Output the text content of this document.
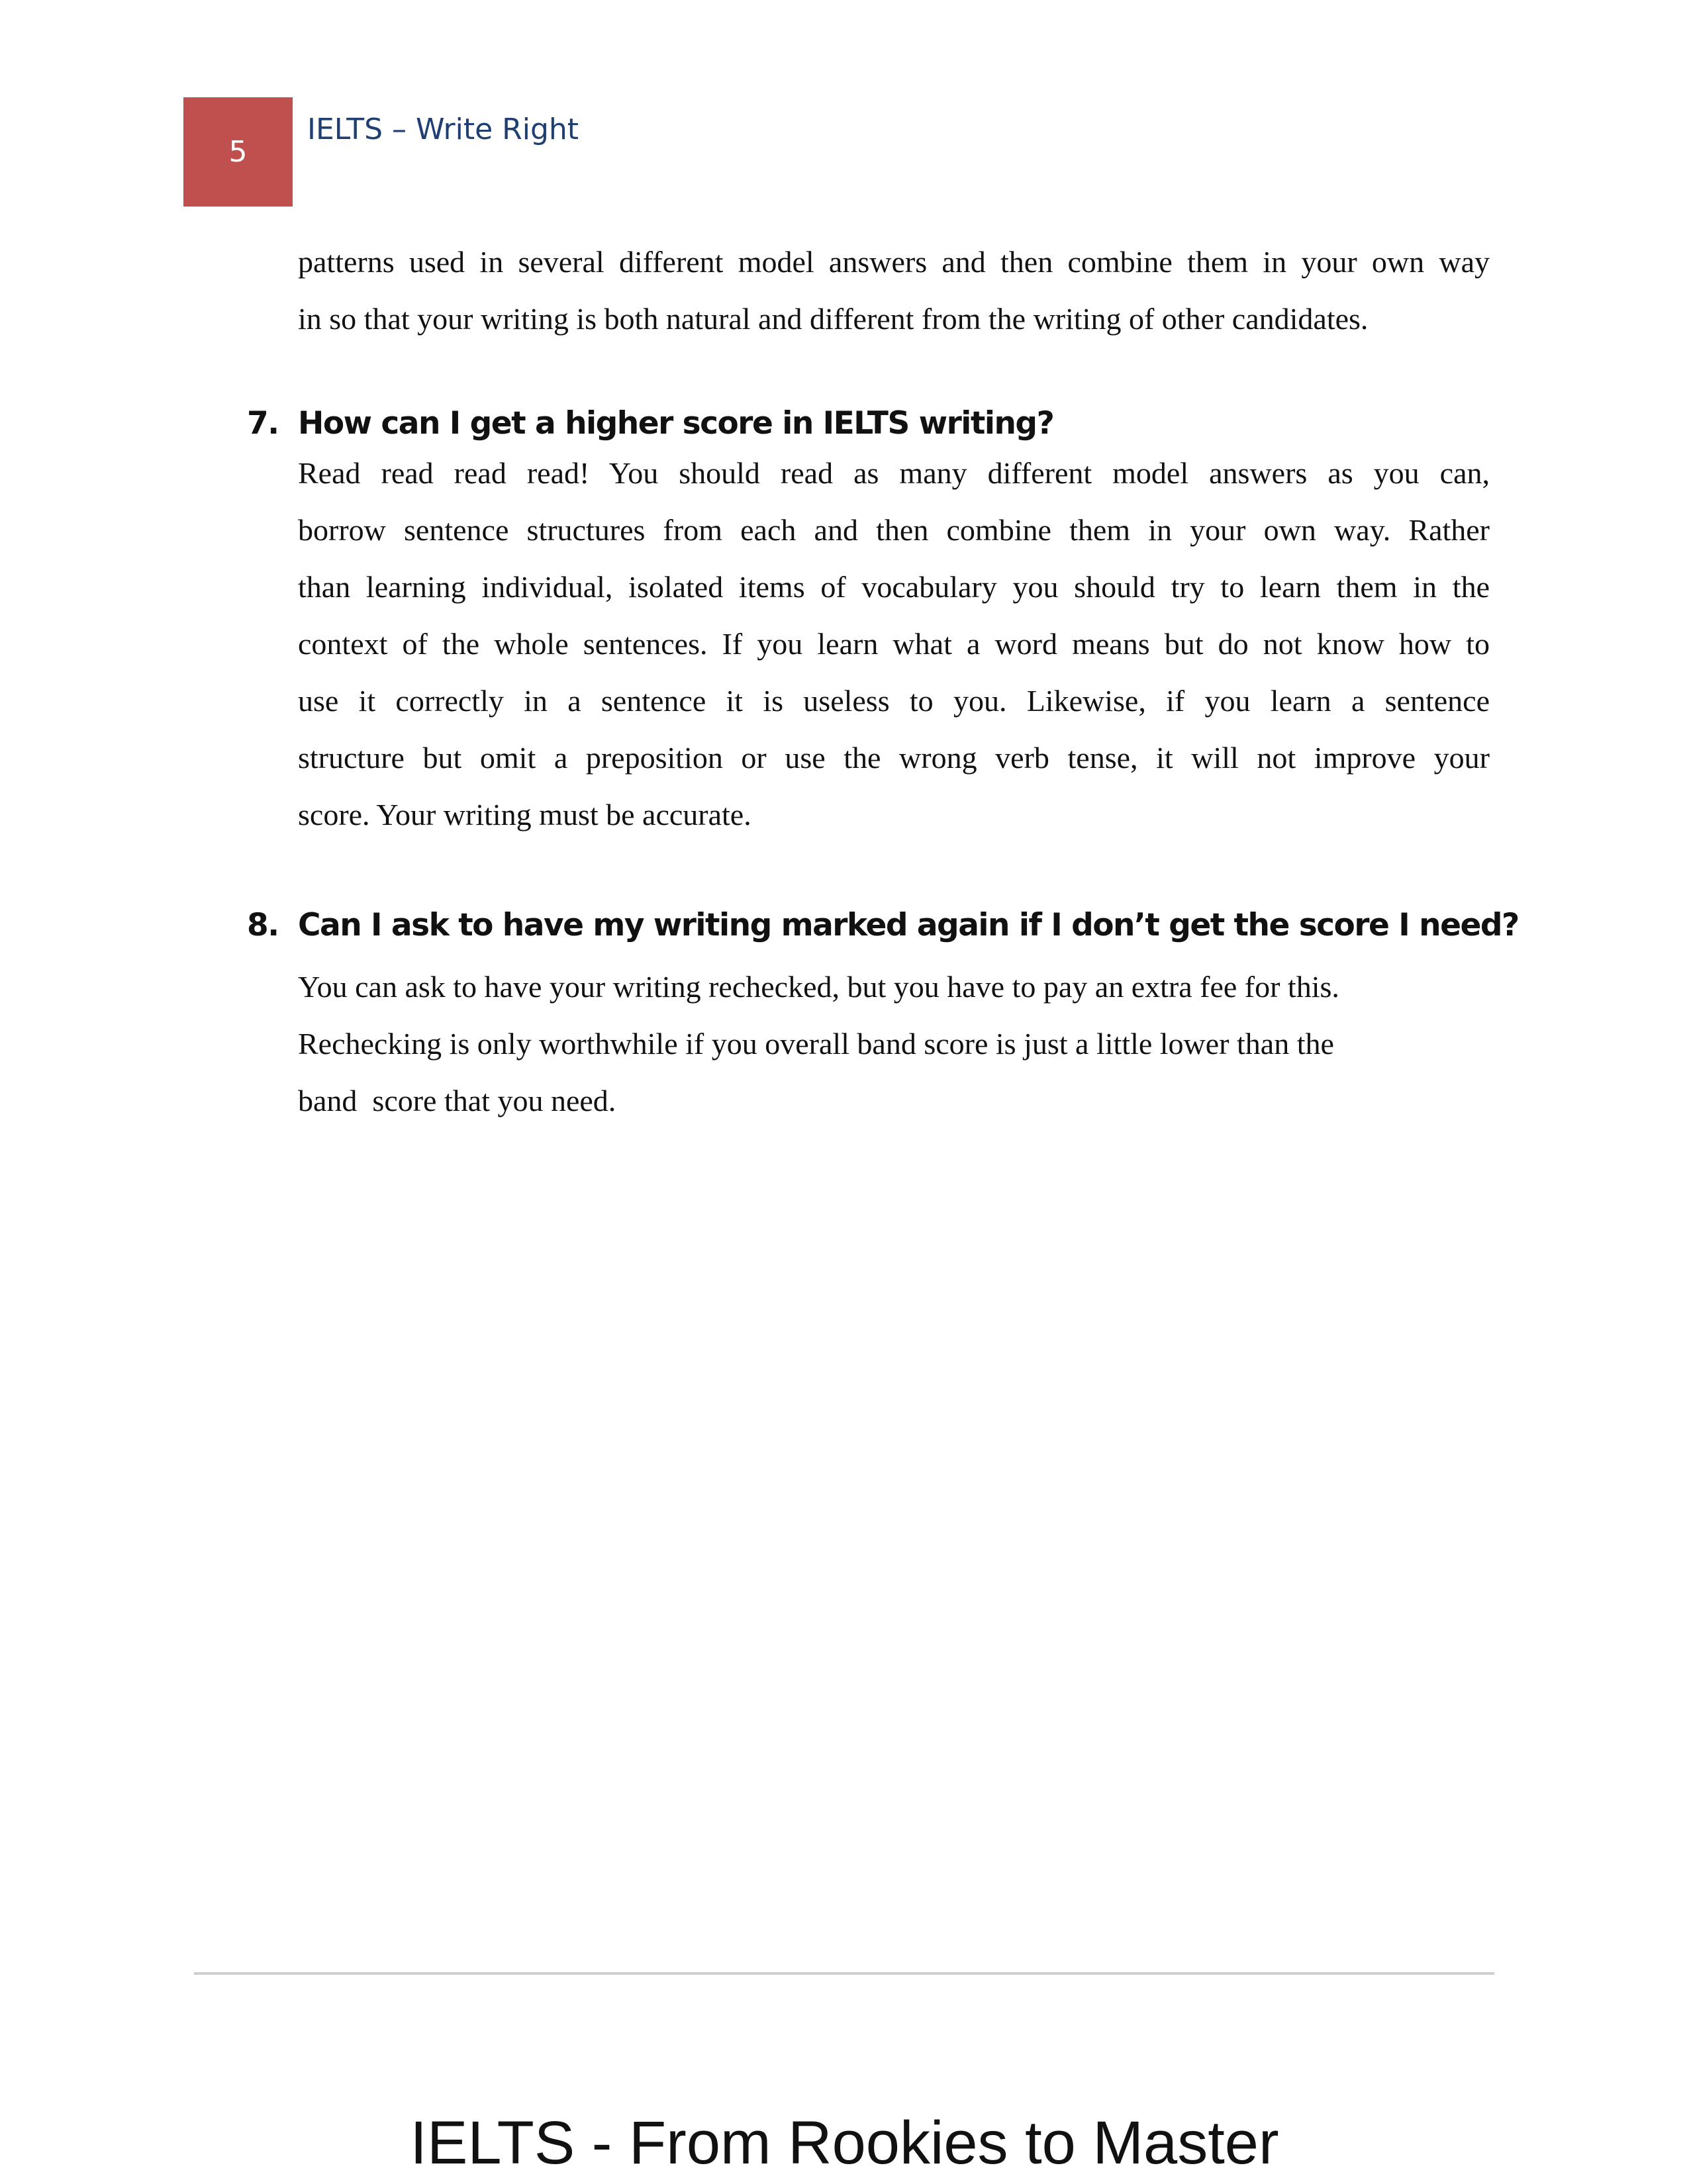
5
IELTS – Write Right
patterns used in several different model answers and then combine them in your own way
in so that your writing is both natural and different from the writing of other candidates.
7. How can I get a higher score in IELTS writing?
Read read read read! You should read as many different model answers as you can,
borrow sentence structures from each and then combine them in your own way. Rather
than learning individual, isolated items of vocabulary you should try to learn them in the
context of the whole sentences. If you learn what a word means but do not know how to
use it correctly in a sentence it is useless to you. Likewise, if you learn a sentence
structure but omit a preposition or use the wrong verb tense, it will not improve your
score. Your writing must be accurate.
8. Can I ask to have my writing marked again if I don’t get the score I need?
You can ask to have your writing rechecked, but you have to pay an extra fee for this.
Rechecking is only worthwhile if you overall band score is just a little lower than the
band  score that you need.
IELTS - From Rookies to Master
